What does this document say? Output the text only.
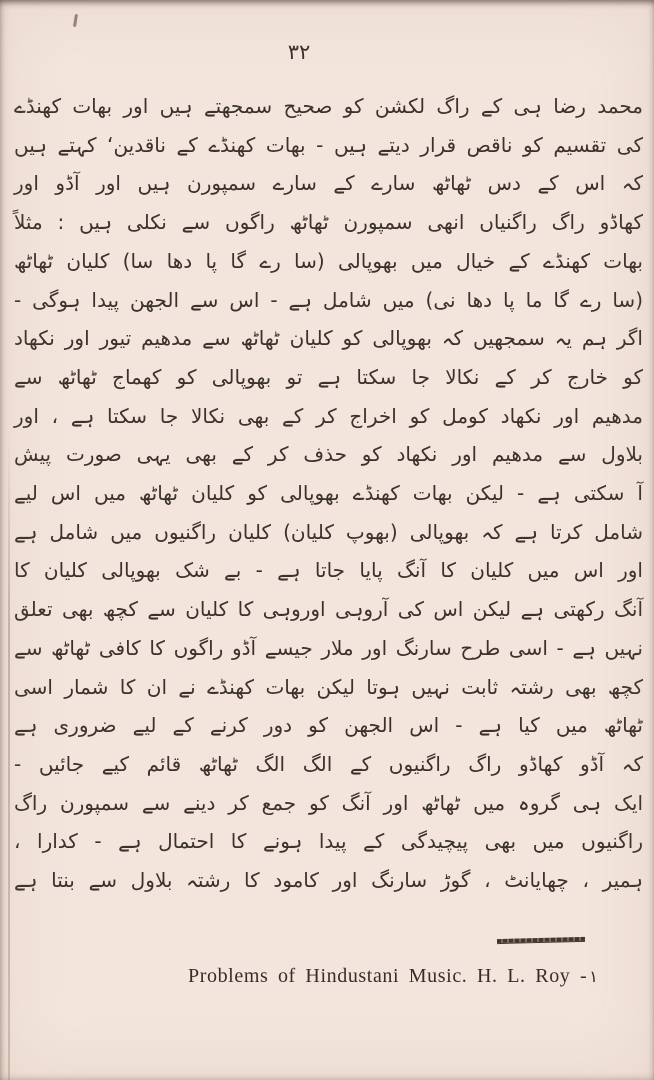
۳۲
محمد رضا ہی کے راگ لکشن کو صحیح سمجھتے ہیں اور بھات کھنڈے
کی تقسیم کو ناقص قرار دیتے ہیں - بھات کھنڈے کے ناقدین‘ کہتے ہیں
کہ اس کے دس ٹھاٹھ سارے کے سارے سمپورن ہیں اور آڈو اور
کھاڈو راگ راگنیاں انھی سمپورن ٹھاٹھ راگوں سے نکلی ہیں : مثلاً
بھات کھنڈے کے خیال میں بھوپالی (سا رے گا پا دھا سا) کلیان ٹھاٹھ
(سا رے گا ما پا دھا نی) میں شامل ہے - اس سے الجھن پیدا ہوگی -
اگر ہم یہ سمجھیں کہ بھوپالی کو کلیان ٹھاٹھ سے مدھیم تیور اور نکھاد
کو خارج کر کے نکالا جا سکتا ہے تو بھوپالی کو کھماج ٹھاٹھ سے
مدھیم اور نکھاد کومل کو اخراج کر کے بھی نکالا جا سکتا ہے ، اور
بلاول سے مدھیم اور نکھاد کو حذف کر کے بھی یہی صورت پیش
آ سکتی ہے - لیکن بھات کھنڈے بھوپالی کو کلیان ٹھاٹھ میں اس لیے
شامل کرتا ہے کہ بھوپالی (بھوپ کلیان) کلیان راگنیوں میں شامل ہے
اور اس میں کلیان کا آنگ پایا جاتا ہے - بے شک بھوپالی کلیان کا
آنگ رکھتی ہے لیکن اس کی آروہی اوروہی کا کلیان سے کچھ بھی تعلق
نہیں ہے - اسی طرح سارنگ اور ملار جیسے آڈو راگوں کا کافی ٹھاٹھ سے
کچھ بھی رشتہ ثابت نہیں ہوتا لیکن بھات کھنڈے نے ان کا شمار اسی
ٹھاٹھ میں کیا ہے - اس الجھن کو دور کرنے کے لیے ضروری ہے
کہ آڈو کھاڈو راگ راگنیوں کے الگ الگ ٹھاٹھ قائم کیے جائیں -
ایک ہی گروہ میں ٹھاٹھ اور آنگ کو جمع کر دینے سے سمپورن راگ
راگنیوں میں بھی پیچیدگی کے پیدا ہونے کا احتمال ہے - کدارا ،
ہمیر ، چھایانٹ ، گوڑ سارنگ اور کامود کا رشتہ بلاول سے بنتا ہے
Problems of Hindustani Music. H. L. Roy - ۱
